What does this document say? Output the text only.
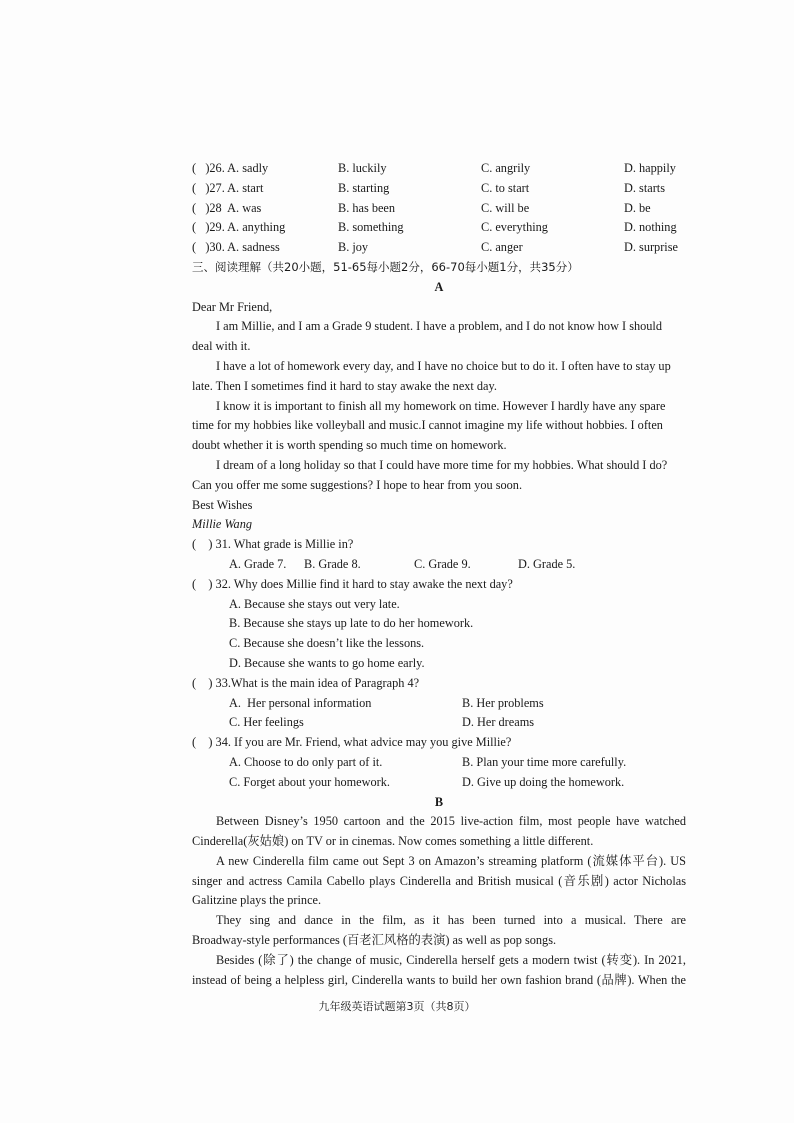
(   )26. A. sadly	B. luckily	C. angrily	D. happily
(   )27. A. start	B. starting	C. to start	D. starts
(   )28  A. was	B. has been	C. will be	D. be
(   )29. A. anything	B. something	C. everything	D. nothing
(   )30. A. sadness	B. joy	C. anger	D. surprise
三、阅读理解（共20小题，51-65每小题2分，66-70每小题1分，共35分）
A
Dear Mr Friend,
I am Millie, and I am a Grade 9 student. I have a problem, and I do not know how I should
deal with it.
I have a lot of homework every day, and I have no choice but to do it. I often have to stay up
late. Then I sometimes find it hard to stay awake the next day.
I know it is important to finish all my homework on time. However I hardly have any spare
time for my hobbies like volleyball and music.I cannot imagine my life without hobbies. I often
doubt whether it is worth spending so much time on homework.
I dream of a long holiday so that I could have more time for my hobbies. What should I do?
Can you offer me some suggestions? I hope to hear from you soon.
Best Wishes
Millie Wang
(    ) 31. What grade is Millie in?
A. Grade 7. B. Grade 8.	C. Grade 9.	D. Grade 5.
(    ) 32. Why does Millie find it hard to stay awake the next day?
A. Because she stays out very late.
B. Because she stays up late to do her homework.
C. Because she doesn’t like the lessons.
D. Because she wants to go home early.
(    ) 33.What is the main idea of Paragraph 4?
A.  Her personal information	B. Her problems
C. Her feelings	D. Her dreams
(    ) 34. If you are Mr. Friend, what advice may you give Millie?
A. Choose to do only part of it.	B. Plan your time more carefully.
C. Forget about your homework.	D. Give up doing the homework.
B
Between Disney’s 1950 cartoon and the 2015 live-action film, most people have watched
Cinderella(灰姑娘) on TV or in cinemas. Now comes something a little different.
A new Cinderella film came out Sept 3 on Amazon’s streaming platform (流媒体平台). US
singer and actress Camila Cabello plays Cinderella and British musical (音乐剧) actor Nicholas
Galitzine plays the prince.
They sing and dance in the film, as it has been turned into a musical. There are
Broadway-style performances (百老汇风格的表演) as well as pop songs.
Besides (除了) the change of music, Cinderella herself gets a modern twist (转变). In 2021,
instead of being a helpless girl, Cinderella wants to build her own fashion brand (品牌). When the
九年级英语试题第3页（共8页）
